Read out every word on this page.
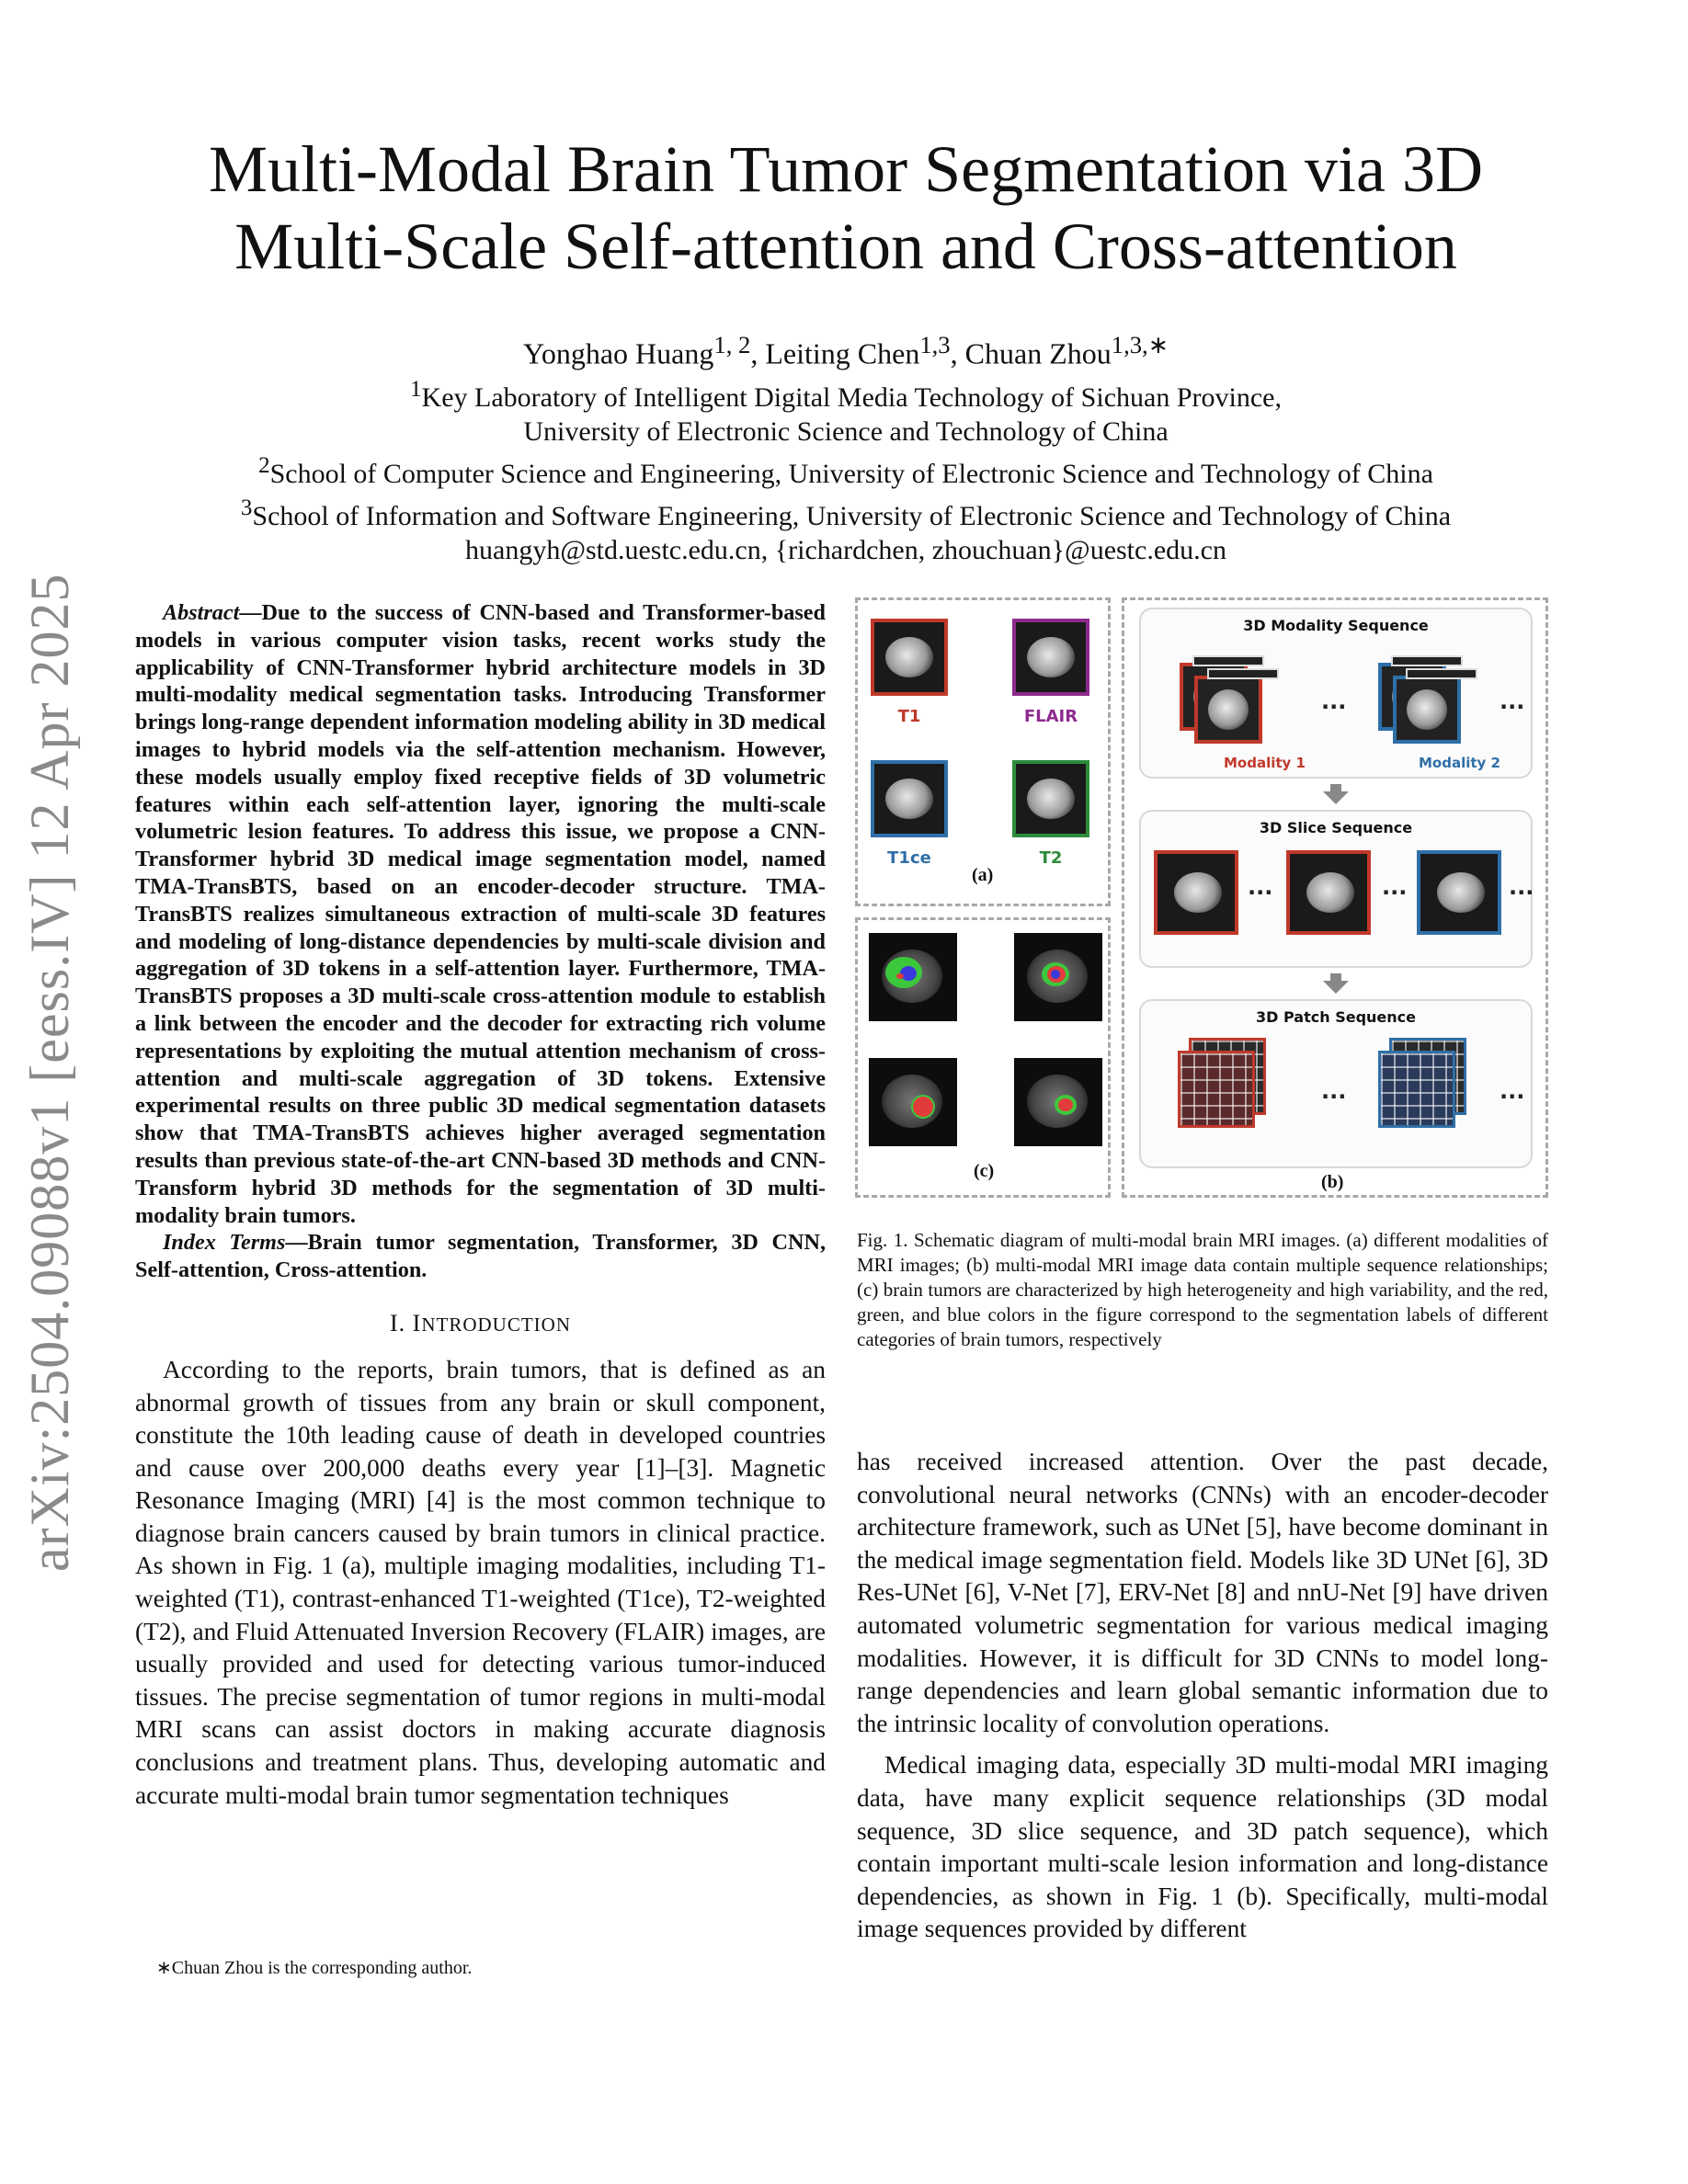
arXiv:2504.09088v1 [eess.IV] 12 Apr 2025
Multi-Modal Brain Tumor Segmentation via 3D
Multi-Scale Self-attention and Cross-attention
Yonghao Huang$^{1, 2}$, Leiting Chen$^{1,3}$, Chuan Zhou$^{1,3,∗}$
$^1$Key Laboratory of Intelligent Digital Media Technology of Sichuan Province,
University of Electronic Science and Technology of China
$^2$School of Computer Science and Engineering, University of Electronic Science and Technology of China
$^3$School of Information and Software Engineering, University of Electronic Science and Technology of China
huangyh@std.uestc.edu.cn, {richardchen, zhouchuan}@uestc.edu.cn

Abstract—Due to the success of CNN-based and Transformer-based models in various computer vision tasks, recent works study the applicability of CNN-Transformer hybrid architecture models in 3D multi-modality medical segmentation tasks. Introducing Transformer brings long-range dependent information modeling ability in 3D medical images to hybrid models via the self-attention mechanism. However, these models usually employ fixed receptive fields of 3D volumetric features within each self-attention layer, ignoring the multi-scale volumetric lesion features. To address this issue, we propose a CNN-Transformer hybrid 3D medical image segmentation model, named TMA-TransBTS, based on an encoder-decoder structure. TMA-TransBTS realizes simultaneous extraction of multi-scale 3D features and modeling of long-distance dependencies by multi-scale division and aggregation of 3D tokens in a self-attention layer. Furthermore, TMA-TransBTS proposes a 3D multi-scale cross-attention module to establish a link between the encoder and the decoder for extracting rich volume representations by exploiting the mutual attention mechanism of cross-attention and multi-scale aggregation of 3D tokens. Extensive experimental results on three public 3D medical segmentation datasets show that TMA-TransBTS achieves higher averaged segmentation results than previous state-of-the-art CNN-based 3D methods and CNN-Transform hybrid 3D methods for the segmentation of 3D multi-modality brain tumors.

Index Terms—Brain tumor segmentation, Transformer, 3D CNN, Self-attention, Cross-attention.

I. INTRODUCTION

According to the reports, brain tumors, that is defined as an abnormal growth of tissues from any brain or skull component, constitute the 10th leading cause of death in developed countries and cause over 200,000 deaths every year [1]–[3]. Magnetic Resonance Imaging (MRI) [4] is the most common technique to diagnose brain cancers caused by brain tumors in clinical practice. As shown in Fig. 1 (a), multiple imaging modalities, including T1-weighted (T1), contrast-enhanced T1-weighted (T1ce), T2-weighted (T2), and Fluid Attenuated Inversion Recovery (FLAIR) images, are usually provided and used for detecting various tumor-induced tissues. The precise segmentation of tumor regions in multi-modal MRI scans can assist doctors in making accurate diagnosis conclusions and treatment plans. Thus, developing automatic and accurate multi-modal brain tumor segmentation techniques

∗Chuan Zhou is the corresponding author.
T1	FLAIR
T1ce	T2
(a)
(c)
3D Modality Sequence
...	...
Modality 1	Modality 2
3D Slice Sequence
...	...	...
3D Patch Sequence
...	...
(b)
Fig. 1. Schematic diagram of multi-modal brain MRI images. (a) different modalities of MRI images; (b) multi-modal MRI image data contain multiple sequence relationships; (c) brain tumors are characterized by high heterogeneity and high variability, and the red, green, and blue colors in the figure correspond to the segmentation labels of different categories of brain tumors, respectively

has received increased attention. Over the past decade, convolutional neural networks (CNNs) with an encoder-decoder architecture framework, such as UNet [5], have become dominant in the medical image segmentation field. Models like 3D UNet [6], 3D Res-UNet [6], V-Net [7], ERV-Net [8] and nnU-Net [9] have driven automated volumetric segmentation for various medical imaging modalities. However, it is difficult for 3D CNNs to model long-range dependencies and learn global semantic information due to the intrinsic locality of convolution operations.

Medical imaging data, especially 3D multi-modal MRI imaging data, have many explicit sequence relationships (3D modal sequence, 3D slice sequence, and 3D patch sequence), which contain important multi-scale lesion information and long-distance dependencies, as shown in Fig. 1 (b). Specifically, multi-modal image sequences provided by different
